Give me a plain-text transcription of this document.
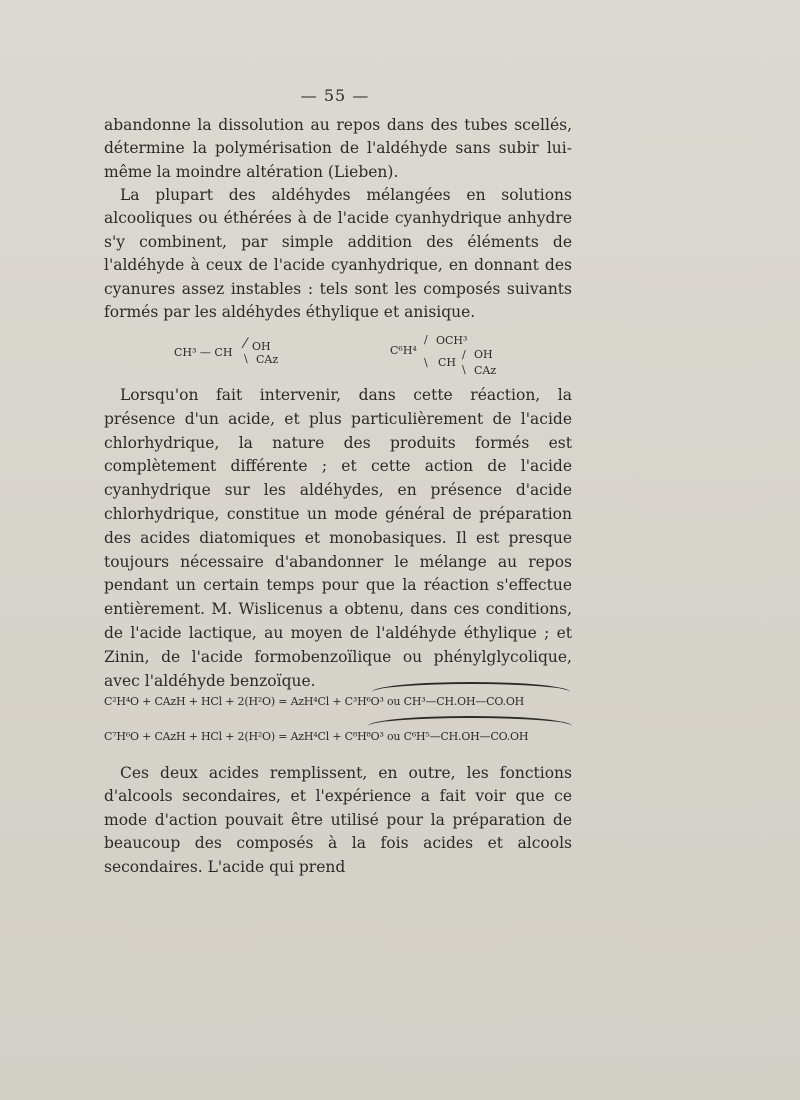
— 55 —

abandonne la dissolution au repos dans des tubes scellés, détermine la polymérisation de l'aldéhyde sans subir lui-même la moindre altération (Lieben).

La plupart des aldéhydes mélangées en solutions alcooliques ou éthérées à de l'acide cyanhydrique anhydre s'y combinent, par simple addition des éléments de l'aldéhyde à ceux de l'acide cyanhydrique, en donnant des cyanures assez instables : tels sont les composés suivants formés par les aldéhydes éthylique et anisique.

CH³ — CH
⁄ OH
\ CAz
C⁶H⁴
/ OCH³
\ CH
/ OH
\ CAz

Lorsqu'on fait intervenir, dans cette réaction, la présence d'un acide, et plus particulièrement de l'acide chlorhydrique, la nature des produits formés est complètement différente ; et cette action de l'acide cyanhydrique sur les aldéhydes, en présence d'acide chlorhydrique, constitue un mode général de préparation des acides diatomiques et monobasiques. Il est presque toujours nécessaire d'abandonner le mélange au repos pendant un certain temps pour que la réaction s'effectue entièrement. M. Wislicenus a obtenu, dans ces conditions, de l'acide lactique, au moyen de l'aldéhyde éthylique ; et Zinin, de l'acide formobenzoïlique ou phénylglycolique, avec l'aldéhyde benzoïque.

C²H⁴O + CAzH + HCl + 2(H²O) = AzH⁴Cl + C³H⁶O³ ou CH³—CH.OH—CO.OH
C⁷H⁶O + CAzH + HCl + 2(H²O) = AzH⁴Cl + C⁸H⁸O³ ou C⁶H⁵—CH.OH—CO.OH

Ces deux acides remplissent, en outre, les fonctions d'alcools secondaires, et l'expérience a fait voir que ce mode d'action pouvait être utilisé pour la préparation de beaucoup des composés à la fois acides et alcools secondaires. L'acide qui prend
